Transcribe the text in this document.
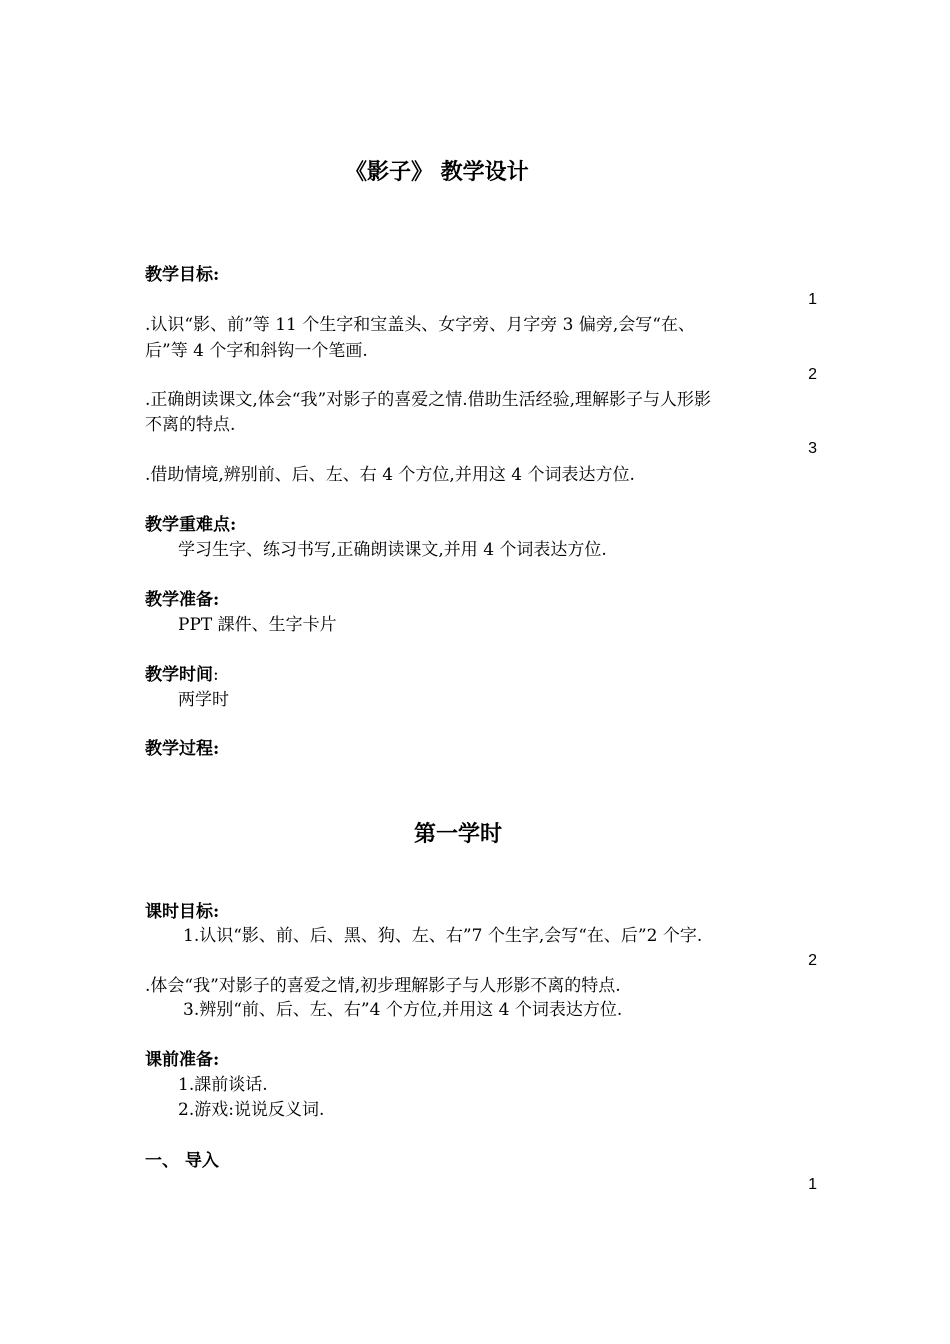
《影子》 教学设计
教学目标:
1
.认识“影、前”等 11 个生字和宝盖头、女字旁、月字旁 3 偏旁,会写“在、
后”等 4 个字和斜钩一个笔画.
2
.正确朗读课文,体会“我”对影子的喜爱之情.借助生活经验,理解影子与人形影
不离的特点.
3
.借助情境,辨别前、后、左、右 4 个方位,并用这 4 个词表达方位.
教学重难点:
学习生字、练习书写,正确朗读课文,并用 4 个词表达方位.
教学准备:
PPT 課件、生字卡片
教学时间:
两学时
教学过程:
第一学时
课时目标:
1.认识“影、前、后、黑、狗、左、右”7 个生字,会写“在、后”2 个字.
2
.体会“我”对影子的喜爱之情,初步理解影子与人形影不离的特点.
3.辨别“前、后、左、右”4 个方位,并用这 4 个词表达方位.
课前准备:
1.課前谈话.
2.游戏:说说反义词.
一、 导入
1
